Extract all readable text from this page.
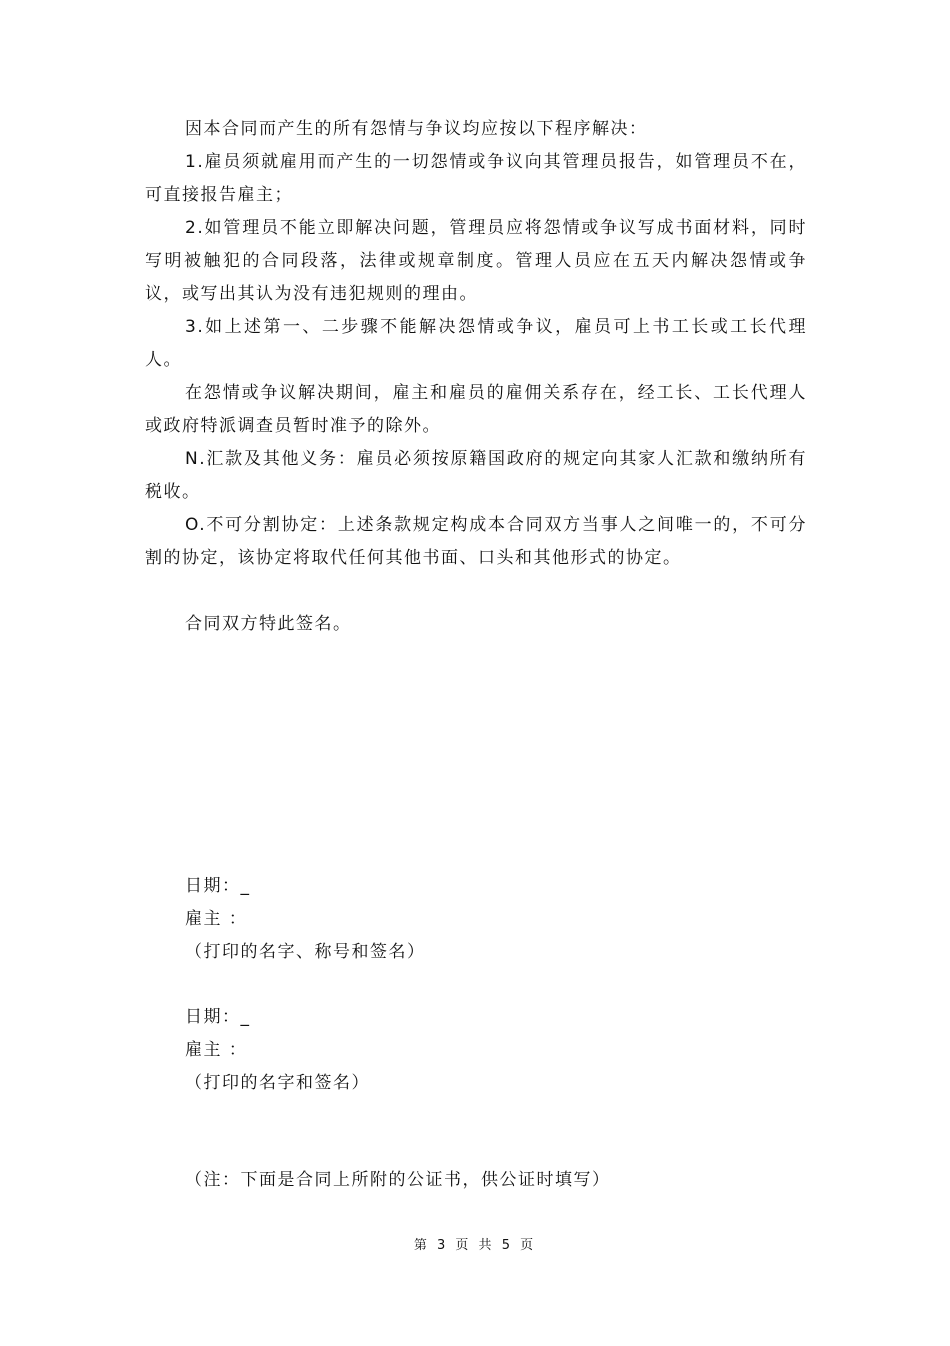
因本合同而产生的所有怨情与争议均应按以下程序解决：

1.雇员须就雇用而产生的一切怨情或争议向其管理员报告，如管理员不在，可直接报告雇主；

2.如管理员不能立即解决问题，管理员应将怨情或争议写成书面材料，同时写明被触犯的合同段落，法律或规章制度。管理人员应在五天内解决怨情或争议，或写出其认为没有违犯规则的理由。

3.如上述第一、二步骤不能解决怨情或争议，雇员可上书工长或工长代理人。

在怨情或争议解决期间，雇主和雇员的雇佣关系存在，经工长、工长代理人或政府特派调查员暂时准予的除外。

N.汇款及其他义务：雇员必须按原籍国政府的规定向其家人汇款和缴纳所有税收。

O.不可分割协定：上述条款规定构成本合同双方当事人之间唯一的，不可分割的协定，该协定将取代任何其他书面、口头和其他形式的协定。

合同双方特此签名。

日期：_
雇主 ：
（打印的名字、称号和签名）
日期：_
雇主 ：
（打印的名字和签名）
（注：下面是合同上所附的公证书，供公证时填写）
第 3 页 共 5 页
